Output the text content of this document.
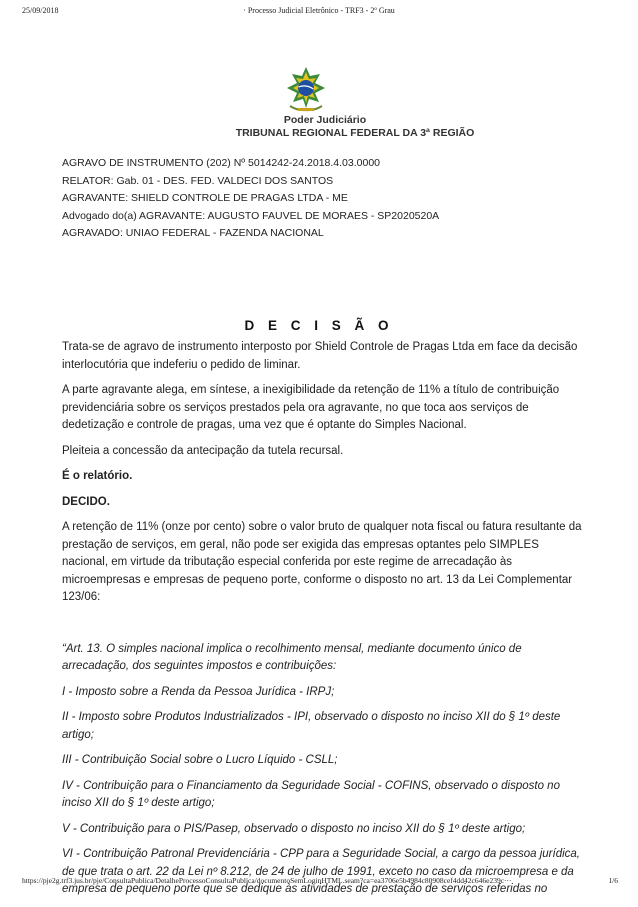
25/09/2018	· Processo Judicial Eletrônico - TRF3 - 2º Grau
Poder Judiciário
TRIBUNAL REGIONAL FEDERAL DA 3ª REGIÃO
AGRAVO DE INSTRUMENTO (202) Nº 5014242-24.2018.4.03.0000
RELATOR: Gab. 01 - DES. FED. VALDECI DOS SANTOS
AGRAVANTE: SHIELD CONTROLE DE PRAGAS LTDA - ME
Advogado do(a) AGRAVANTE: AUGUSTO FAUVEL DE MORAES - SP2020520A
AGRAVADO: UNIAO FEDERAL - FAZENDA NACIONAL
D E C I S Ã O

Trata-se de agravo de instrumento interposto por Shield Controle de Pragas Ltda em face da decisão interlocutória que indeferiu o pedido de liminar.

A parte agravante alega, em síntese, a inexigibilidade da retenção de 11% a título de contribuição previdenciária sobre os serviços prestados pela ora agravante, no que toca aos serviços de dedetização e controle de pragas, uma vez que é optante do Simples Nacional.

Pleiteia a concessão da antecipação da tutela recursal.

É o relatório.

DECIDO.

A retenção de 11% (onze por cento) sobre o valor bruto de qualquer nota fiscal ou fatura resultante da prestação de serviços, em geral, não pode ser exigida das empresas optantes pelo SIMPLES nacional, em virtude da tributação especial conferida por este regime de arrecadação às microempresas e empresas de pequeno porte, conforme o disposto no art. 13 da Lei Complementar 123/06:

“Art. 13. O simples nacional implica o recolhimento mensal, mediante documento único de arrecadação, dos seguintes impostos e contribuições:

I - Imposto sobre a Renda da Pessoa Jurídica - IRPJ;

II - Imposto sobre Produtos Industrializados - IPI, observado o disposto no inciso XII do § 1º deste artigo;

III - Contribuição Social sobre o Lucro Líquido - CSLL;

IV - Contribuição para o Financiamento da Seguridade Social - COFINS, observado o disposto no inciso XII do § 1º deste artigo;

V - Contribuição para o PIS/Pasep, observado o disposto no inciso XII do § 1º deste artigo;

VI - Contribuição Patronal Previdenciária - CPP para a Seguridade Social, a cargo da pessoa jurídica, de que trata o art. 22 da Lei nº 8.212, de 24 de julho de 1991, exceto no caso da microempresa e da empresa de pequeno porte que se dedique às atividades de prestação de serviços referidas no

https://pje2g.trf3.jus.br/pje/ConsultaPublica/DetalheProcessoConsultaPublica/documentoSemLoginHTML.seam?ca=ea3706e5b4984c80908cef4dd42c646e239c···	1/6
